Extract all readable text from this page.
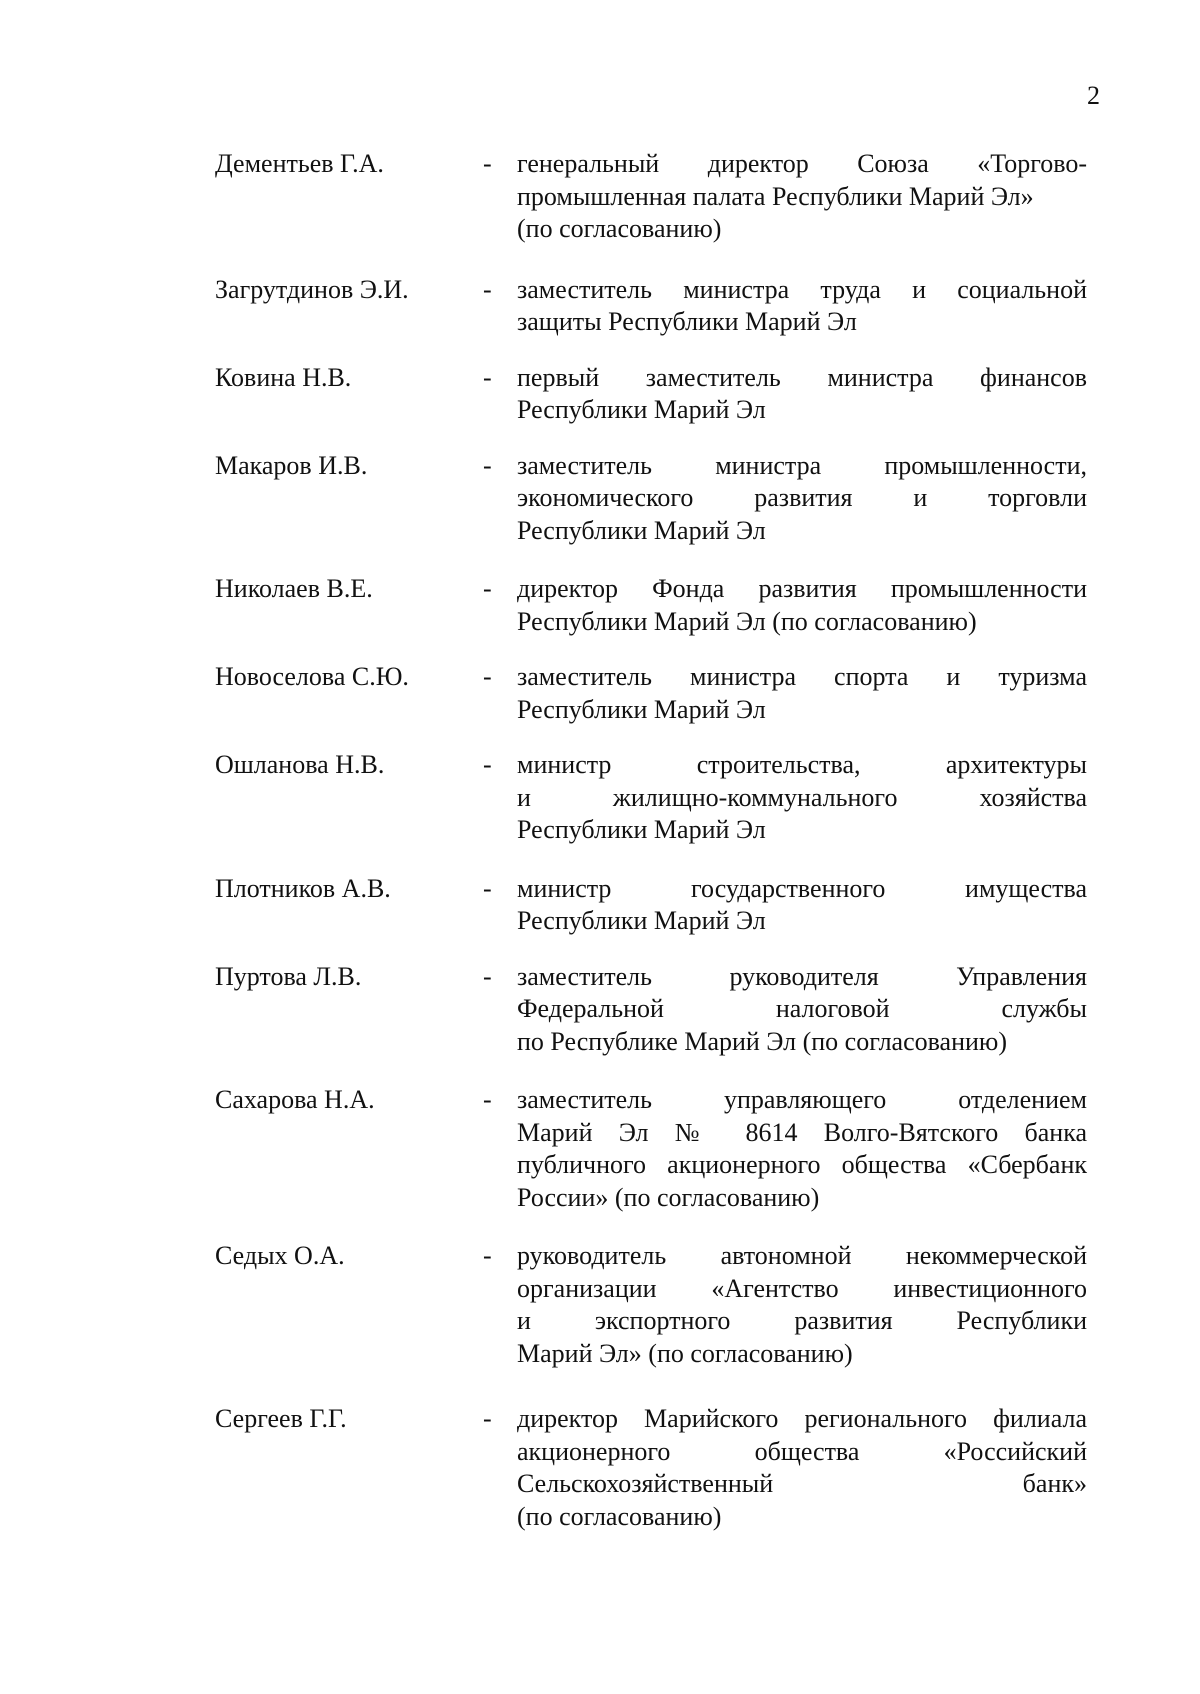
2
Дементьев Г.А.	- генеральный директор Союза «Торгово-
промышленная палата Республики Марий Эл»
(по согласованию)
Загрутдинов Э.И.	- заместитель министра труда и социальной
защиты Республики Марий Эл
Ковина Н.В.	- первый заместитель министра финансов
Республики Марий Эл
Макаров И.В.	- заместитель министра промышленности,
экономического развития и торговли
Республики Марий Эл
Николаев В.Е.	- директор Фонда развития промышленности
Республики Марий Эл (по согласованию)
Новоселова С.Ю.	- заместитель министра спорта и туризма
Республики Марий Эл
Ошланова Н.В.	- министр строительства, архитектуры
и жилищно-коммунального хозяйства
Республики Марий Эл
Плотников А.В.	- министр государственного имущества
Республики Марий Эл
Пуртова Л.В.	- заместитель руководителя Управления
Федеральной налоговой службы
по Республике Марий Эл (по согласованию)
Сахарова Н.А.	- заместитель управляющего отделением
Марий Эл № 8614 Волго-Вятского банка
публичного акционерного общества «Сбербанк
России» (по согласованию)
Седых О.А.	- руководитель автономной некоммерческой
организации «Агентство инвестиционного
и экспортного развития Республики
Марий Эл» (по согласованию)
Сергеев Г.Г.	- директор Марийского регионального филиала
акционерного общества «Российский
Сельскохозяйственный банк»
(по согласованию)
